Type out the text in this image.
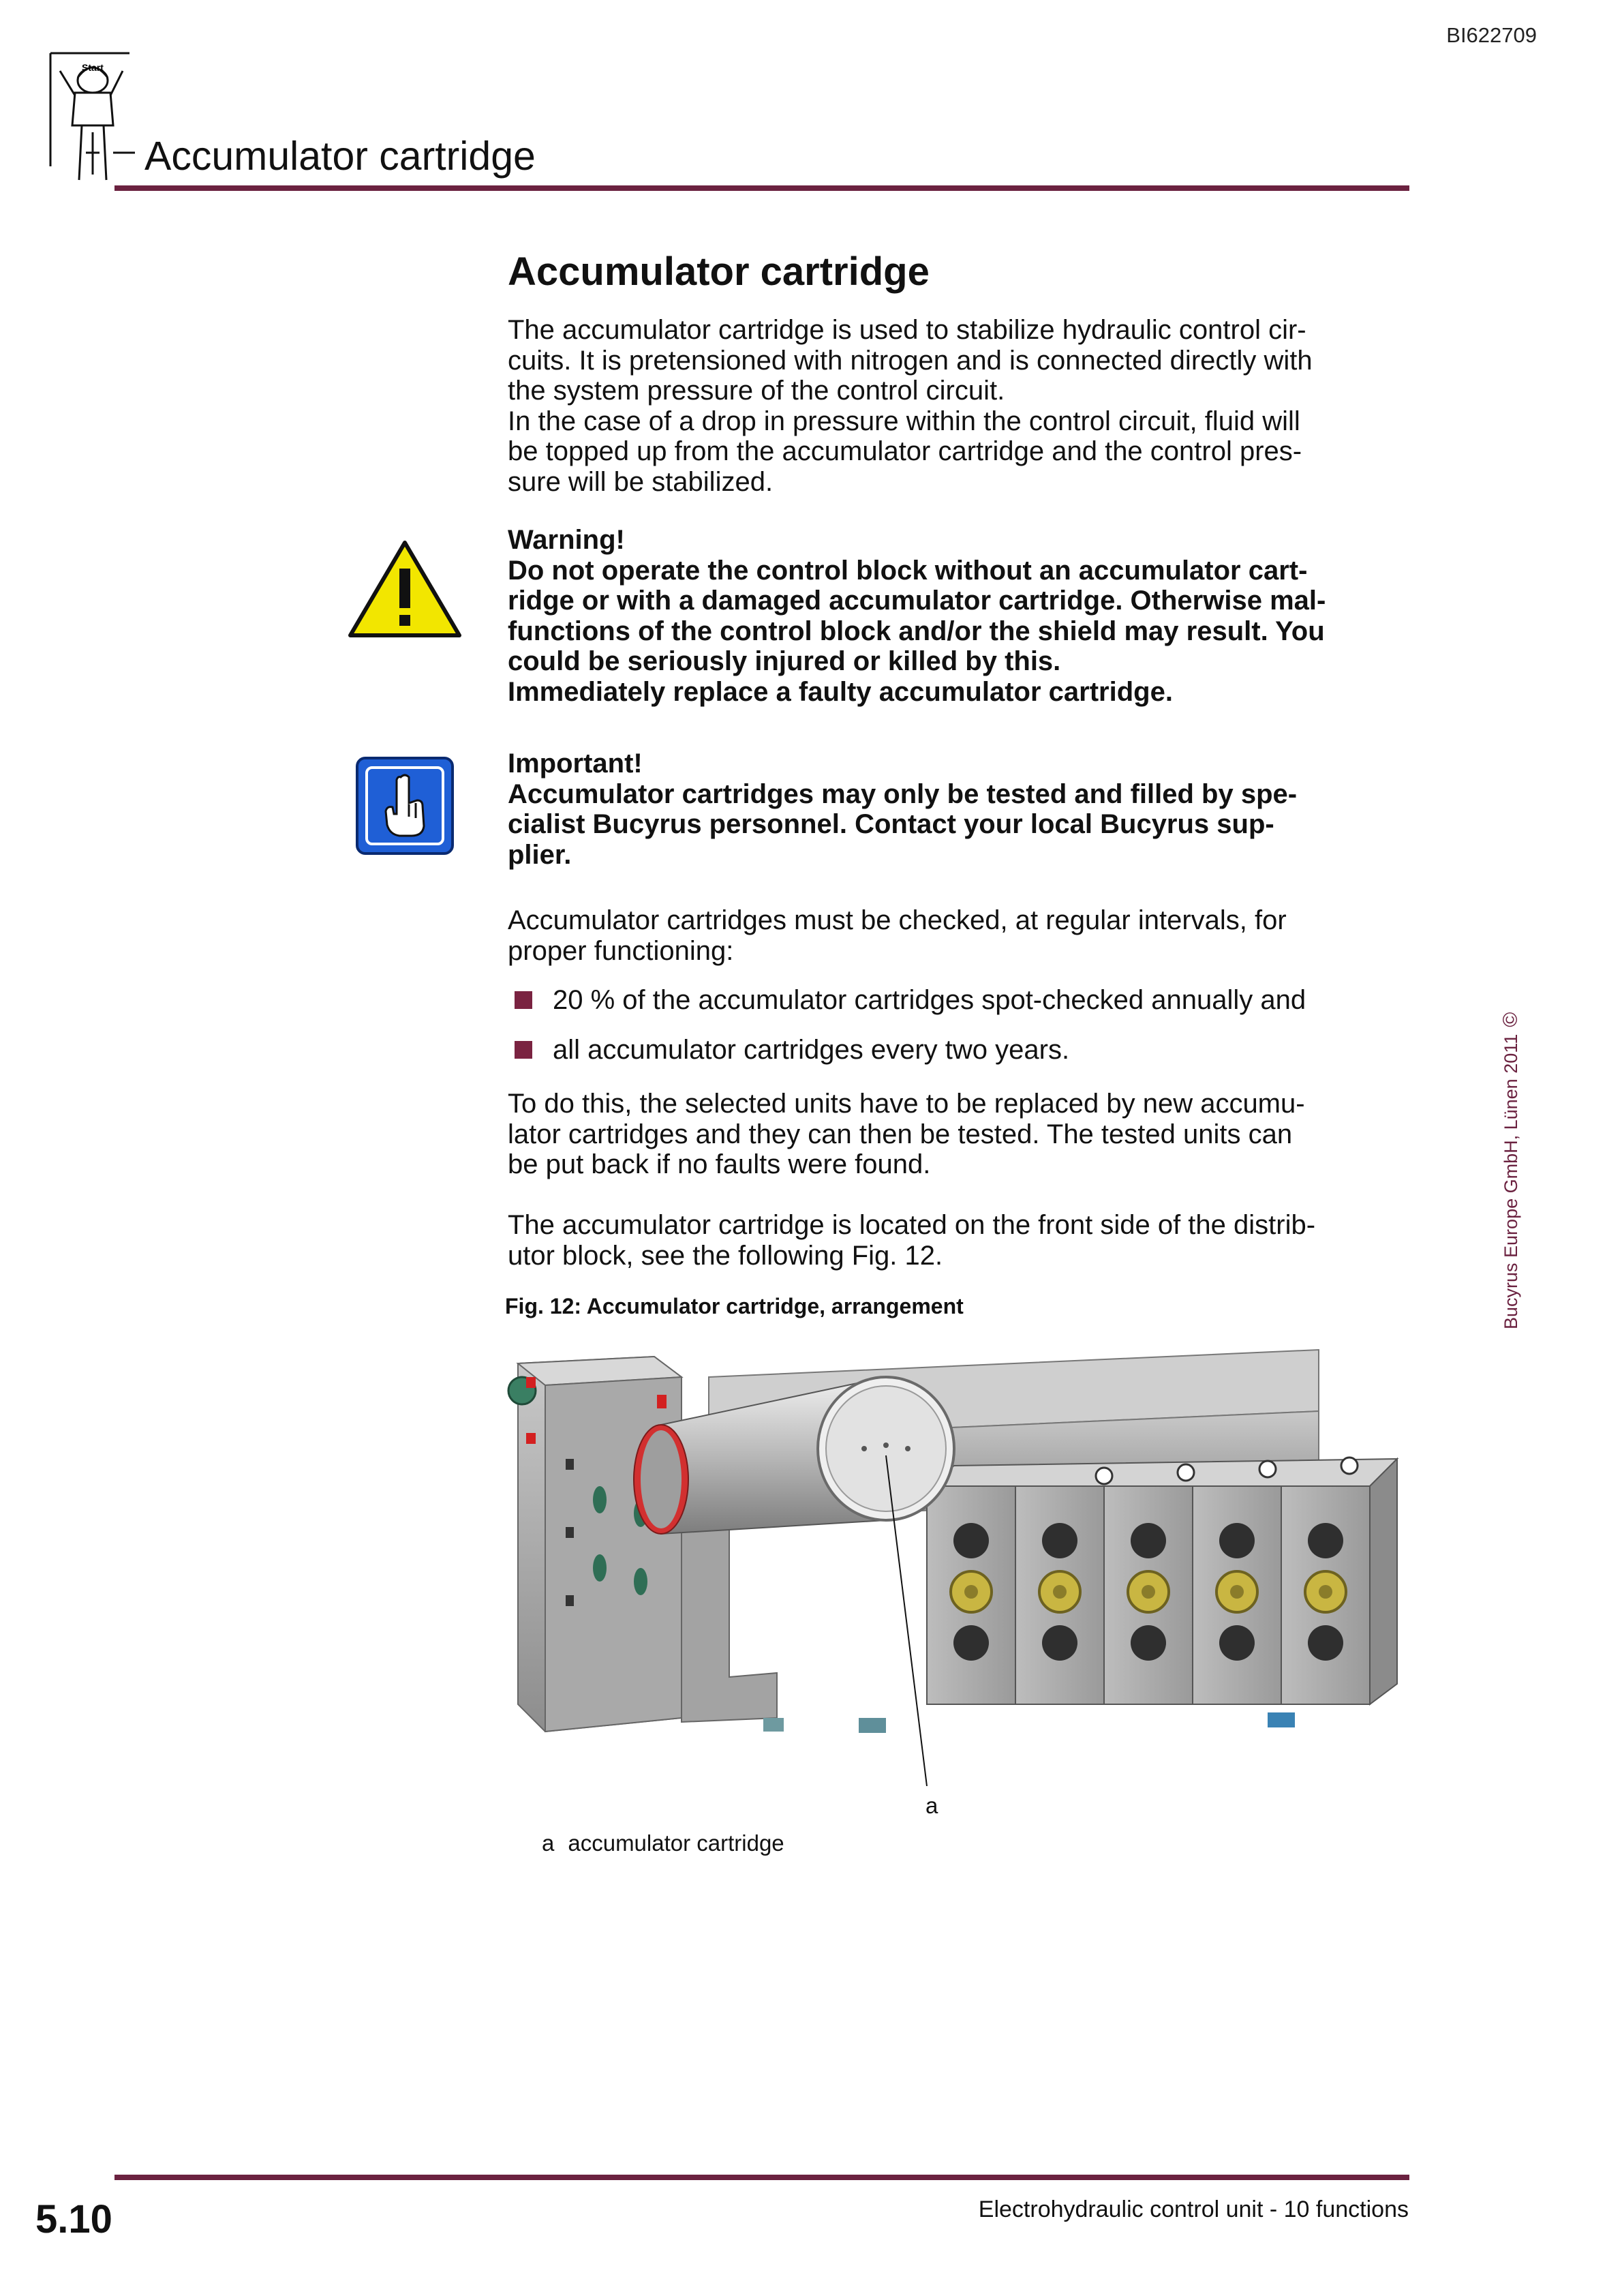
BI622709
Start
Accumulator cartridge
Accumulator cartridge

The accumulator cartridge is used to stabilize hydraulic control cir-

cuits. It is pretensioned with nitrogen and is connected directly with

the system pressure of the control circuit.

In the case of a drop in pressure within the control circuit, fluid will

be topped up from the accumulator cartridge and the control pres-

sure will be stabilized.

Warning!

Do not operate the control block without an accumulator cart-

ridge or with a damaged accumulator cartridge. Otherwise mal-

functions of the control block and/or the shield may result. You

could be seriously injured or killed by this.

Immediately replace a faulty accumulator cartridge.

Important!

Accumulator cartridges may only be tested and filled by spe-

cialist Bucyrus personnel. Contact your local Bucyrus sup-

plier.

Accumulator cartridges must be checked, at regular intervals, for

proper functioning:

20 % of the accumulator cartridges spot-checked annually and
all accumulator cartridges every two years.

To do this, the selected units have to be replaced by new accumu-

lator cartridges and they can then be tested. The tested units can

be put back if no faults were found.

The accumulator cartridge is located on the front side of the distrib-

utor block, see the following Fig. 12.

Fig. 12: Accumulator cartridge, arrangement
a
a accumulator cartridge
Bucyrus Europe GmbH, Lünen 2011©
5.10	Electrohydraulic control unit - 10 functions
